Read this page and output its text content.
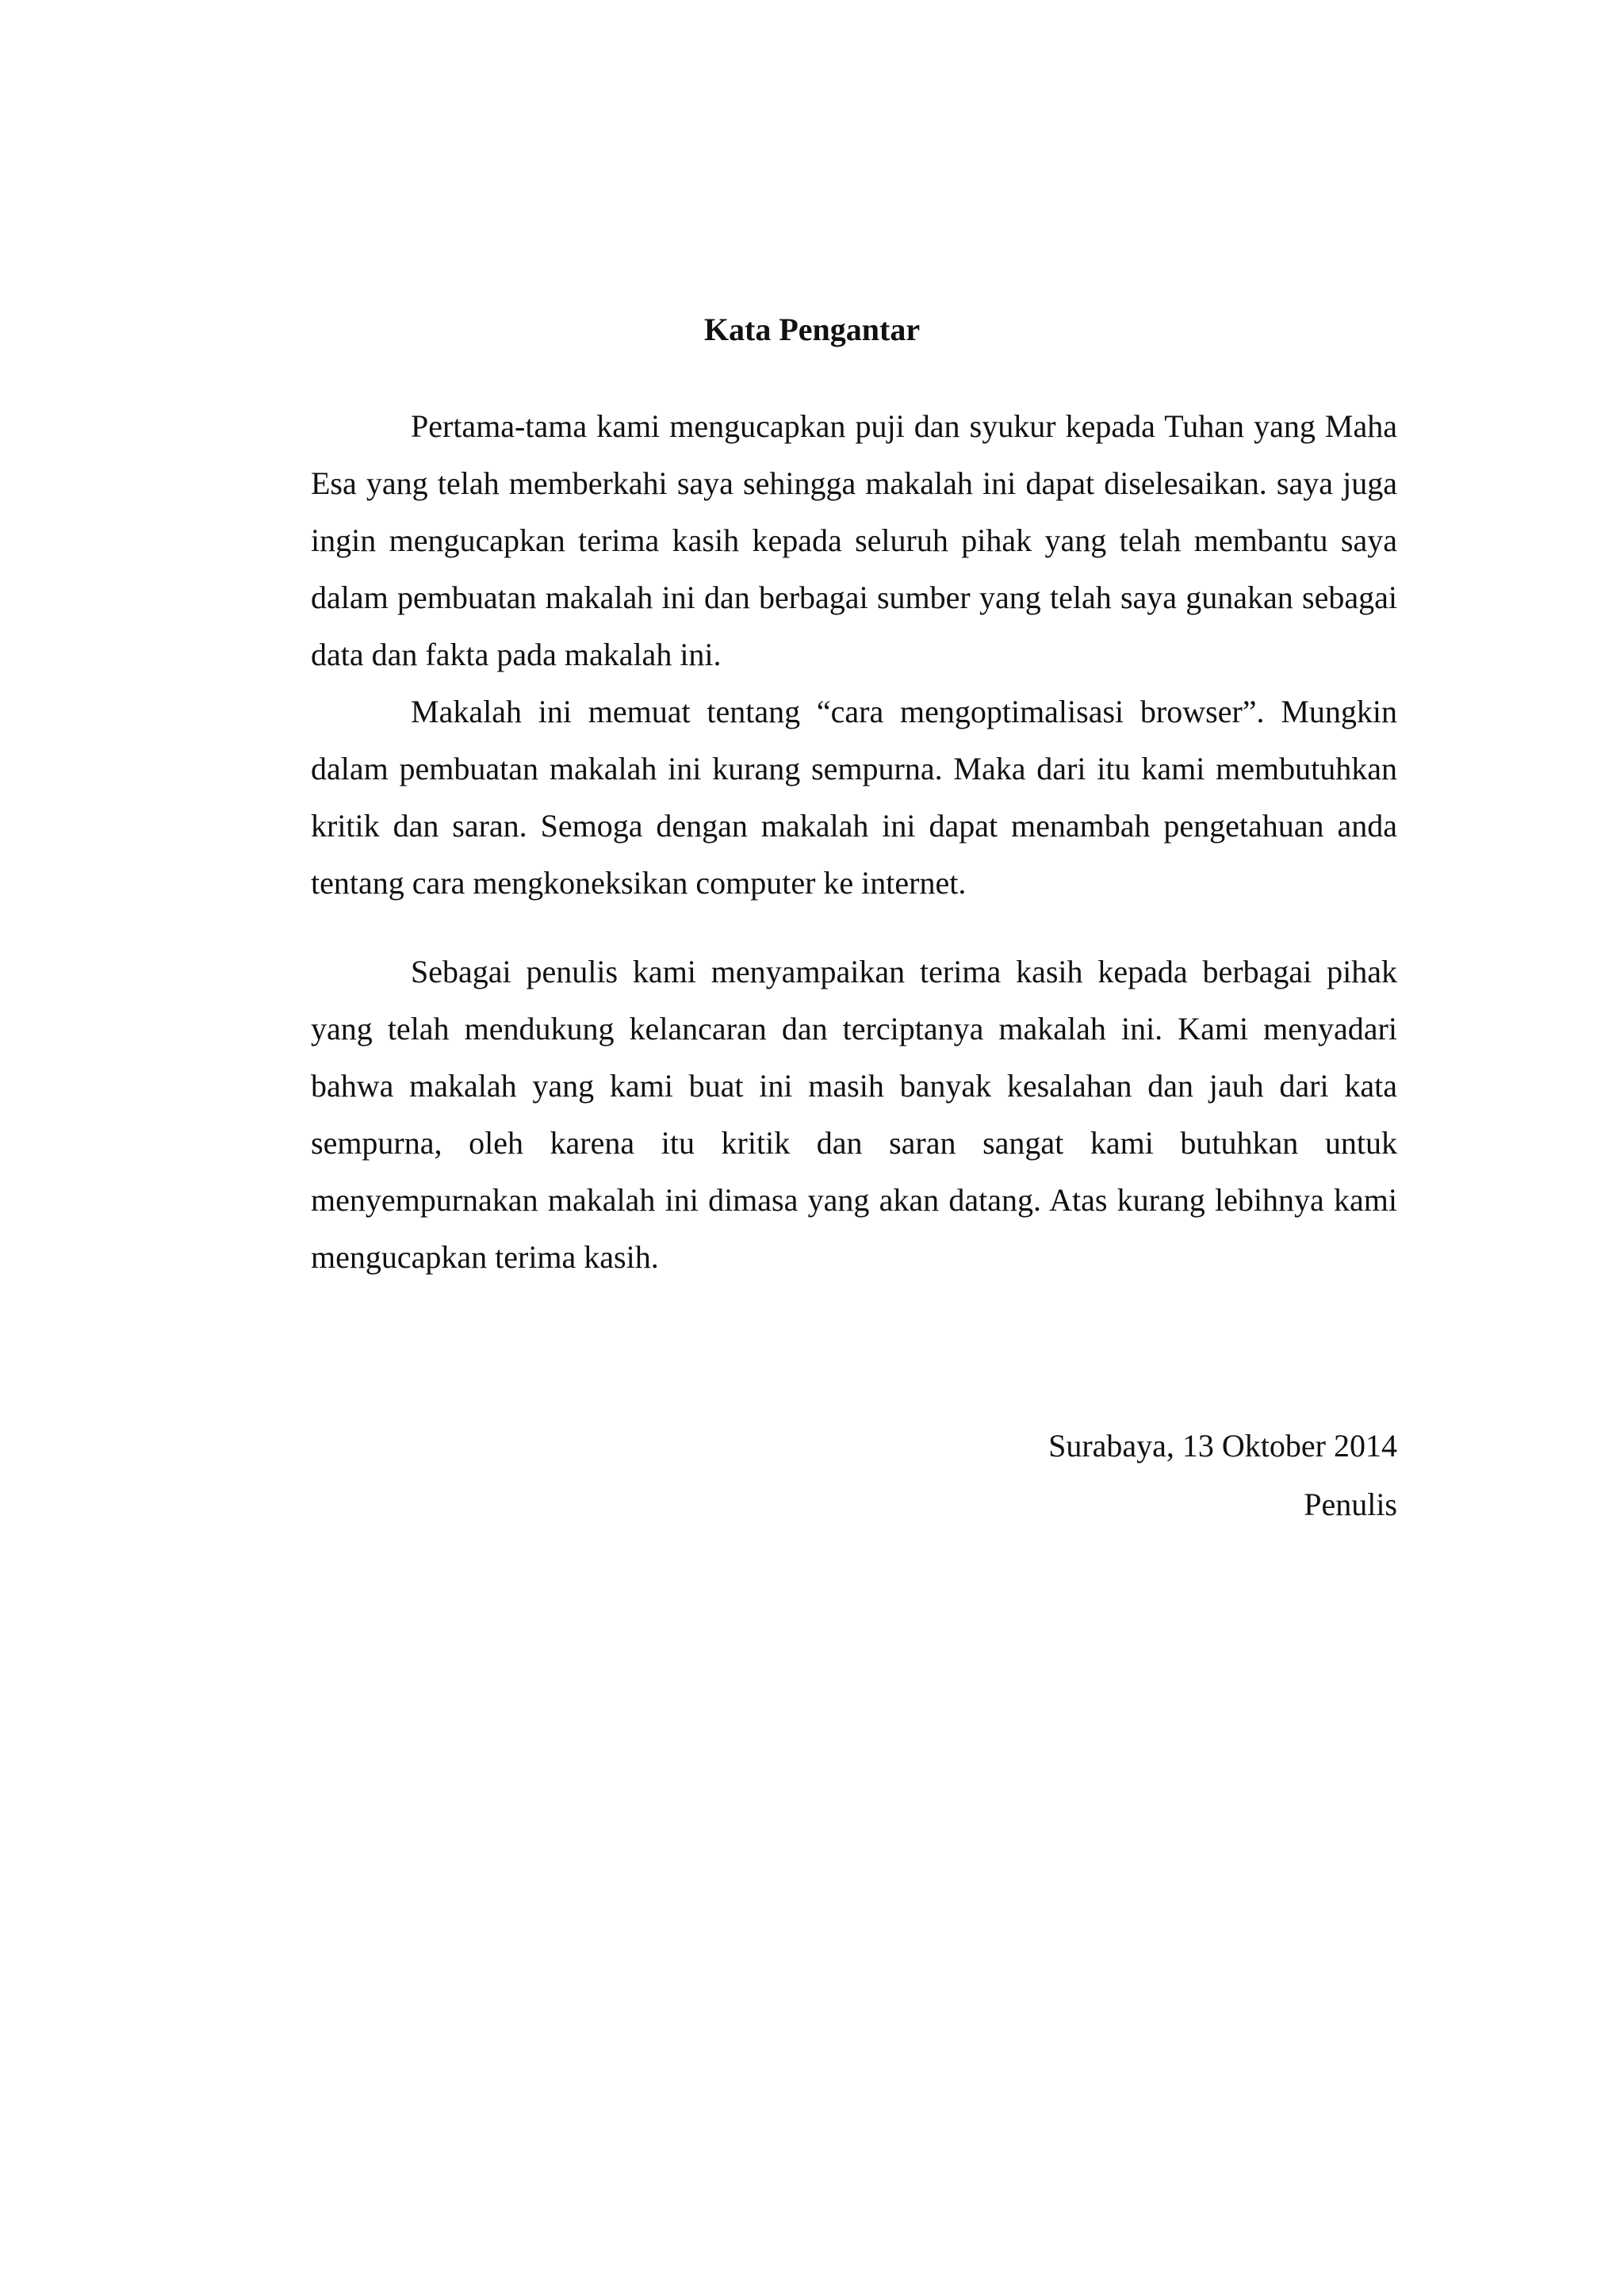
Kata Pengantar

Pertama-tama kami mengucapkan puji dan syukur kepada Tuhan yang Maha Esa yang telah memberkahi saya sehingga makalah ini dapat diselesaikan. saya juga ingin mengucapkan terima kasih kepada seluruh pihak yang telah membantu saya dalam pembuatan makalah ini dan berbagai sumber yang telah saya gunakan sebagai data dan fakta pada makalah ini.

Makalah ini memuat tentang “cara mengoptimalisasi browser”. Mungkin dalam pembuatan makalah ini kurang sempurna. Maka dari itu kami membutuhkan kritik dan saran. Semoga dengan makalah ini dapat menambah pengetahuan anda tentang cara mengkoneksikan computer ke internet.

Sebagai penulis kami menyampaikan terima kasih kepada berbagai pihak yang telah mendukung kelancaran dan terciptanya makalah ini. Kami menyadari bahwa makalah yang kami buat ini masih banyak kesalahan dan jauh dari kata sempurna, oleh karena itu kritik dan saran sangat kami butuhkan untuk menyempurnakan makalah ini dimasa yang akan datang. Atas kurang lebihnya kami mengucapkan terima kasih.

Surabaya, 13 Oktober 2014
Penulis
